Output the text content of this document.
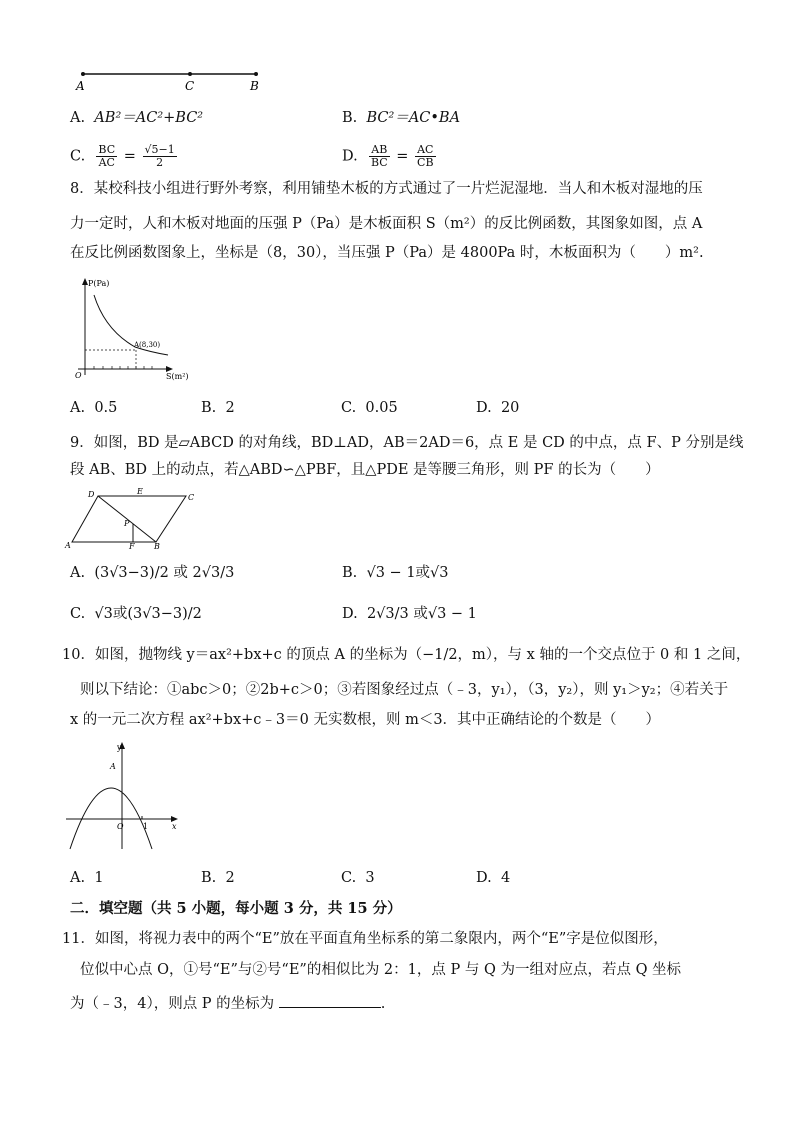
A	C	B
A. AB²＝AC²+BC²	B. BC²＝AC•BA
C. $\frac{BC}{AC} = \frac{√5-1}{2}$	D. $\frac{AB}{BC} = \frac{AC}{CB}$
8．某校科技小组进行野外考察，利用铺垫木板的方式通过了一片烂泥湿地．当人和木板对湿地的压
力一定时，人和木板对地面的压强 P（Pa）是木板面积 S（m²）的反比例函数，其图象如图，点 A
在反比例函数图象上，坐标是（8，30），当压强 P（Pa）是 4800Pa 时，木板面积为（　　）m².
P(Pa)
S(m²)
O
A(8,30)
A. 0.5	B. 2	C. 0.05	D. 20
9．如图，BD 是▱ABCD 的对角线，BD⊥AD，AB＝2AD＝6，点 E 是 CD 的中点，点 F、P 分别是线
段 AB、BD 上的动点，若△ABD∽△PBF，且△PDE 是等腰三角形，则 PF 的长为（　　）
D	E
C
P
A	F B
A. (3√3−3)/2 或 2√3/3	B. √3 − 1或√3
C. √3或(3√3−3)/2	D. 2√3/3 或√3 − 1
10．如图，抛物线 y＝ax²+bx+c 的顶点 A 的坐标为（−1/2，m），与 x 轴的一个交点位于 0 和 1 之间，
则以下结论：①abc＞0；②2b+c＞0；③若图象经过点（﹣3，y₁），（3，y₂），则 y₁＞y₂；④若关于
x 的一元二次方程 ax²+bx+c﹣3＝0 无实数根，则 m＜3．其中正确结论的个数是（　　）
y
A
O 1	x
A. 1	B. 2	C. 3	D. 4
二．填空题（共 5 小题，每小题 3 分，共 15 分）
11．如图，将视力表中的两个“E”放在平面直角坐标系的第二象限内，两个“E”字是位似图形，
位似中心点 O，①号“E”与②号“E”的相似比为 2：1，点 P 与 Q 为一组对应点，若点 Q 坐标
为（﹣3，4），则点 P 的坐标为	.
